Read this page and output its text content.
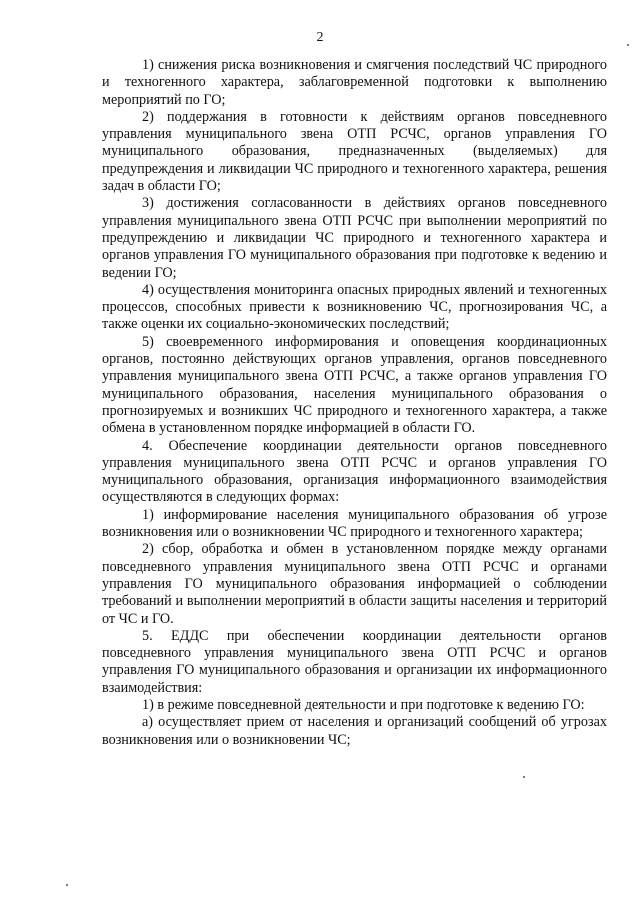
2

1) снижения риска возникновения и смягчения последствий ЧС природного и техногенного характера, заблаговременной подготовки к выполнению мероприятий по ГО;

2) поддержания в готовности к действиям органов повседневного управления муниципального звена ОТП РСЧС, органов управления ГО муниципального образования, предназначенных (выделяемых) для предупреждения и ликвидации ЧС природного и техногенного характера, решения задач в области ГО;

3) достижения согласованности в действиях органов повседневного управления муниципального звена ОТП РСЧС при выполнении мероприятий по предупреждению и ликвидации ЧС природного и техногенного характера и органов управления ГО муниципального образования при подготовке к ведению и ведении ГО;

4) осуществления мониторинга опасных природных явлений и техногенных процессов, способных привести к возникновению ЧС, прогнозирования ЧС, а также оценки их социально-экономических последствий;

5) своевременного информирования и оповещения координационных органов, постоянно действующих органов управления, органов повседневного управления муниципального звена ОТП РСЧС, а также органов управления ГО муниципального образования, населения муниципального образования о прогнозируемых и возникших ЧС природного и техногенного характера, а также обмена в установленном порядке информацией в области ГО.

4. Обеспечение координации деятельности органов повседневного управления муниципального звена ОТП РСЧС и органов управления ГО муниципального образования, организация информационного взаимодействия осуществляются в следующих формах:

1) информирование населения муниципального образования об угрозе возникновения или о возникновении ЧС природного и техногенного характера;

2) сбор, обработка и обмен в установленном порядке между органами повседневного управления муниципального звена ОТП РСЧС и органами управления ГО муниципального образования информацией о соблюдении требований и выполнении мероприятий в области защиты населения и территорий от ЧС и ГО.

5. ЕДДС при обеспечении координации деятельности органов повседневного управления муниципального звена ОТП РСЧС и органов управления ГО муниципального образования и организации их информационного взаимодействия:

1) в режиме повседневной деятельности и при подготовке к ведению ГО:

а) осуществляет прием от населения и организаций сообщений об угрозах возникновения или о возникновении ЧС;
